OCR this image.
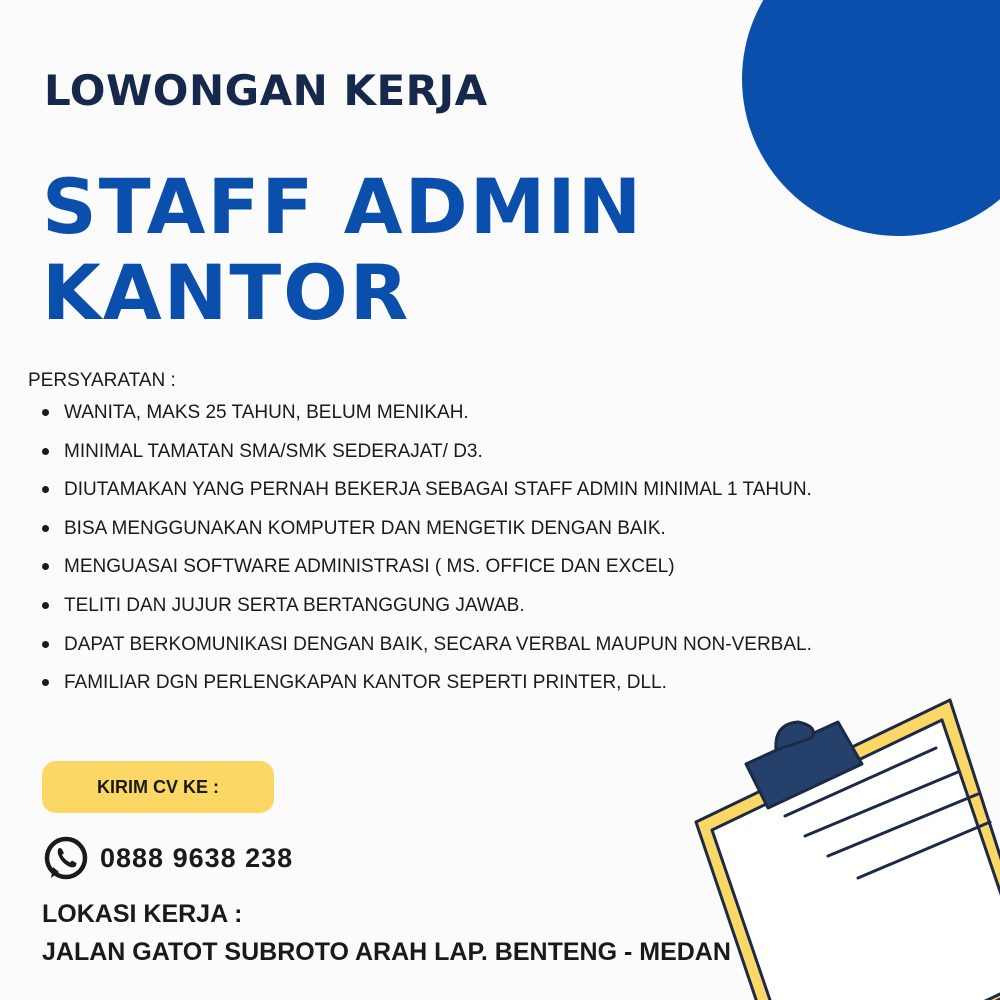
LOWONGAN KERJA
STAFF ADMIN
KANTOR

PERSYARATAN :

WANITA, MAKS 25 TAHUN, BELUM MENIKAH.
MINIMAL TAMATAN SMA/SMK SEDERAJAT/ D3.
DIUTAMAKAN YANG PERNAH BEKERJA SEBAGAI STAFF ADMIN MINIMAL 1 TAHUN.
BISA MENGGUNAKAN KOMPUTER DAN MENGETIK DENGAN BAIK.
MENGUASAI SOFTWARE ADMINISTRASI ( MS. OFFICE DAN EXCEL)
TELITI DAN JUJUR SERTA BERTANGGUNG JAWAB.
DAPAT BERKOMUNIKASI DENGAN BAIK, SECARA VERBAL MAUPUN NON-VERBAL.
FAMILIAR DGN PERLENGKAPAN KANTOR SEPERTI PRINTER, DLL.
KIRIM CV KE :
0888 9638 238

LOKASI KERJA :

JALAN GATOT SUBROTO ARAH LAP. BENTENG - MEDAN
